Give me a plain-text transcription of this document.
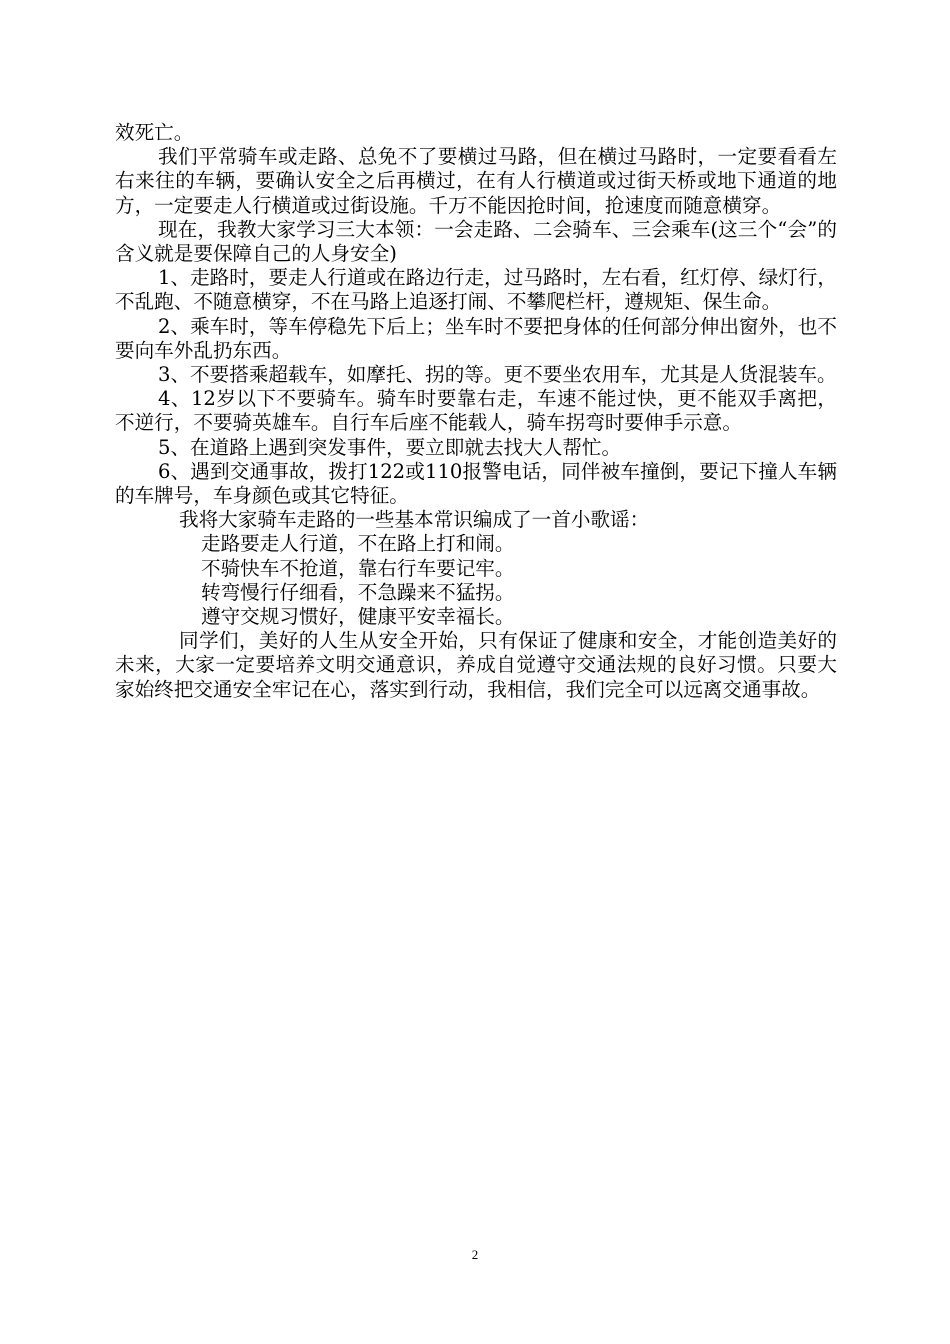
效死亡。

我们平常骑车或走路、总免不了要横过马路，但在横过马路时，一定要看看左右来往的车辆，要确认安全之后再横过，在有人行横道或过街天桥或地下通道的地方，一定要走人行横道或过街设施。千万不能因抢时间，抢速度而随意横穿。

现在，我教大家学习三大本领：一会走路、二会骑车、三会乘车(这三个“会”的含义就是要保障自己的人身安全)

1、走路时，要走人行道或在路边行走，过马路时，左右看，红灯停、绿灯行，不乱跑、不随意横穿，不在马路上追逐打闹、不攀爬栏杆，遵规矩、保生命。

2、乘车时，等车停稳先下后上；坐车时不要把身体的任何部分伸出窗外，也不要向车外乱扔东西。

3、不要搭乘超载车，如摩托、拐的等。更不要坐农用车，尤其是人货混装车。

4、12岁以下不要骑车。骑车时要靠右走，车速不能过快，更不能双手离把，不逆行，不要骑英雄车。自行车后座不能载人，骑车拐弯时要伸手示意。

5、在道路上遇到突发事件，要立即就去找大人帮忙。

6、遇到交通事故，拨打122或110报警电话，同伴被车撞倒，要记下撞人车辆的车牌号，车身颜色或其它特征。

我将大家骑车走路的一些基本常识编成了一首小歌谣：

走路要走人行道，不在路上打和闹。

不骑快车不抢道，靠右行车要记牢。

转弯慢行仔细看，不急躁来不猛拐。

遵守交规习惯好，健康平安幸福长。

同学们，美好的人生从安全开始，只有保证了健康和安全，才能创造美好的未来，大家一定要培养文明交通意识，养成自觉遵守交通法规的良好习惯。只要大家始终把交通安全牢记在心，落实到行动，我相信，我们完全可以远离交通事故。

2
